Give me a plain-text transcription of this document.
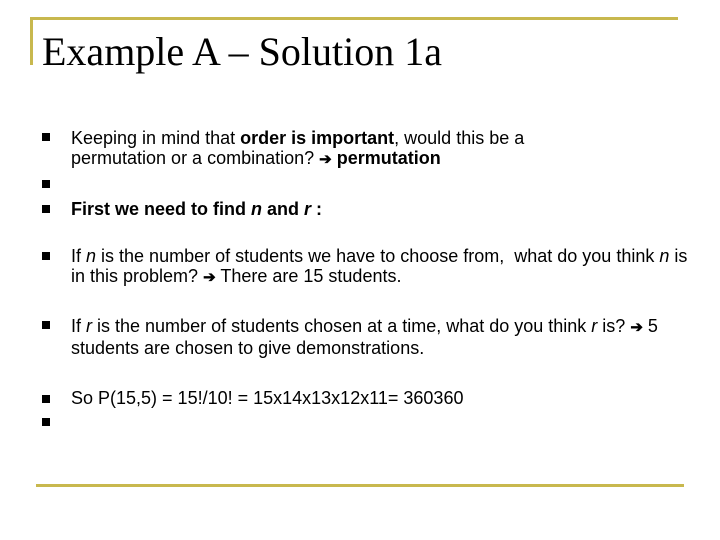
Example A – Solution 1a
Keeping in mind that order is important, would this be a permutation or a combination? ➔ permutation
First we need to find n and r :
If n is the number of students we have to choose from,  what do you think n is in this problem? ➔ There are 15 students.
If r is the number of students chosen at a time, what do you think r is? ➔ 5 students are chosen to give demonstrations.
So P(15,5) = 15!/10! = 15x14x13x12x11= 360360
